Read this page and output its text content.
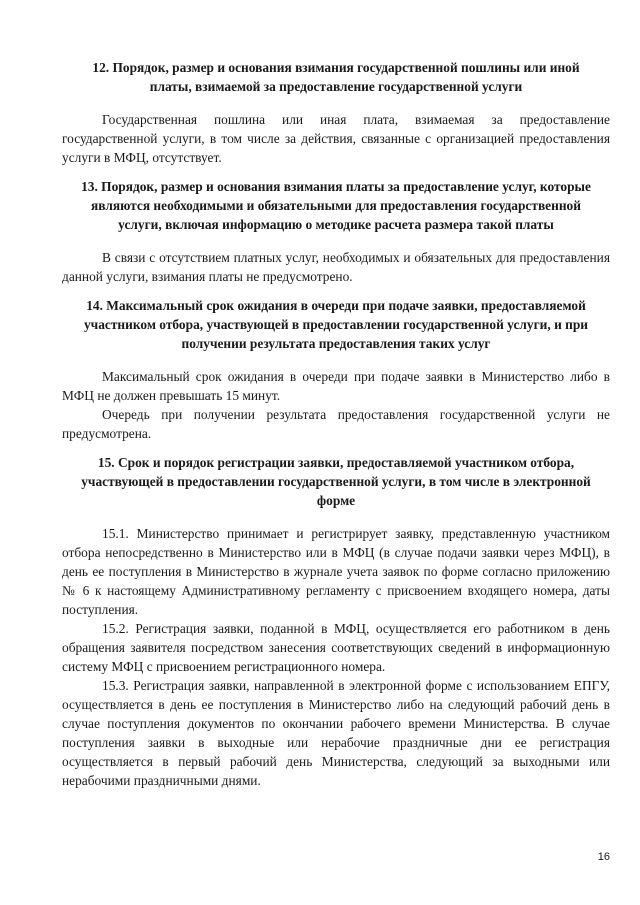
12. Порядок, размер и основания взимания государственной пошлины или иной платы, взимаемой за предоставление государственной услуги

Государственная пошлина или иная плата, взимаемая за предоставление государственной услуги, в том числе за действия, связанные с организацией предоставления услуги в МФЦ, отсутствует.

13. Порядок, размер и основания взимания платы за предоставление услуг, которые являются необходимыми и обязательными для предоставления государственной услуги, включая информацию о методике расчета размера такой платы

В связи с отсутствием платных услуг, необходимых и обязательных для предоставления данной услуги, взимания платы не предусмотрено.

14. Максимальный срок ожидания в очереди при подаче заявки, предоставляемой участником отбора, участвующей в предоставлении государственной услуги, и при получении результата предоставления таких услуг

Максимальный срок ожидания в очереди при подаче заявки в Министерство либо в МФЦ не должен превышать 15 минут.

Очередь при получении результата предоставления государственной услуги не предусмотрена.

15. Срок и порядок регистрации заявки, предоставляемой участником отбора, участвующей в предоставлении государственной услуги, в том числе в электронной форме

15.1. Министерство принимает и регистрирует заявку, представленную участником отбора непосредственно в Министерство или в МФЦ (в случае подачи заявки через МФЦ), в день ее поступления в Министерство в журнале учета заявок по форме согласно приложению № 6 к настоящему Административному регламенту с присвоением входящего номера, даты поступления.

15.2. Регистрация заявки, поданной в МФЦ, осуществляется его работником в день обращения заявителя посредством занесения соответствующих сведений в информационную систему МФЦ с присвоением регистрационного номера.

15.3. Регистрация заявки, направленной в электронной форме с использованием ЕПГУ, осуществляется в день ее поступления в Министерство либо на следующий рабочий день в случае поступления документов по окончании рабочего времени Министерства. В случае поступления заявки в выходные или нерабочие праздничные дни ее регистрация осуществляется в первый рабочий день Министерства, следующий за выходными или нерабочими праздничными днями.

16
